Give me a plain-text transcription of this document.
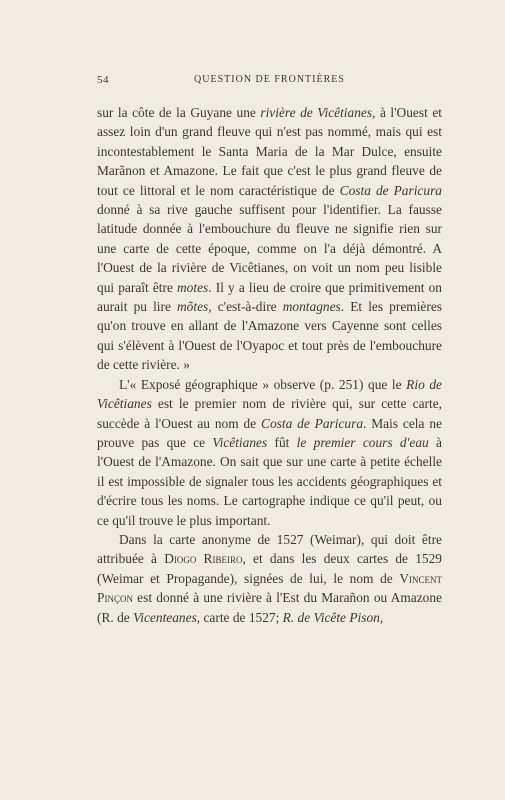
54	QUESTION DE FRONTIÈRES

sur la côte de la Guyane une rivière de Vicêtianes, à l'Ouest et assez loin d'un grand fleuve qui n'est pas nommé, mais qui est incontestablement le Santa Maria de la Mar Dulce, ensuite Marãnon et Amazone. Le fait que c'est le plus grand fleuve de tout ce littoral et le nom caractéristique de Costa de Paricura donné à sa rive gauche suffisent pour l'identifier. La fausse latitude donnée à l'embouchure du fleuve ne signifie rien sur une carte de cette époque, comme on l'a déjà démontré. A l'Ouest de la rivière de Vicêtianes, on voit un nom peu lisible qui paraît être motes. Il y a lieu de croire que primitivement on aurait pu lire mõtes, c'est-à-dire montagnes. Et les premières qu'on trouve en allant de l'Amazone vers Cayenne sont celles qui s'élèvent à l'Ouest de l'Oyapoc et tout près de l'embouchure de cette rivière. »

L'« Exposé géographique » observe (p. 251) que le Rio de Vicêtianes est le premier nom de rivière qui, sur cette carte, succède à l'Ouest au nom de Costa de Paricura. Mais cela ne prouve pas que ce Vicêtianes fût le premier cours d'eau à l'Ouest de l'Amazone. On sait que sur une carte à petite échelle il est impossible de signaler tous les accidents géographiques et d'écrire tous les noms. Le cartographe indique ce qu'il peut, ou ce qu'il trouve le plus important.

Dans la carte anonyme de 1527 (Weimar), qui doit être attribuée à Diogo Ribeiro, et dans les deux cartes de 1529 (Weimar et Propagande), signées de lui, le nom de Vincent Pinçon est donné à une rivière à l'Est du Marañon ou Amazone (R. de Vicenteanes, carte de 1527; R. de Vicête Pison,
